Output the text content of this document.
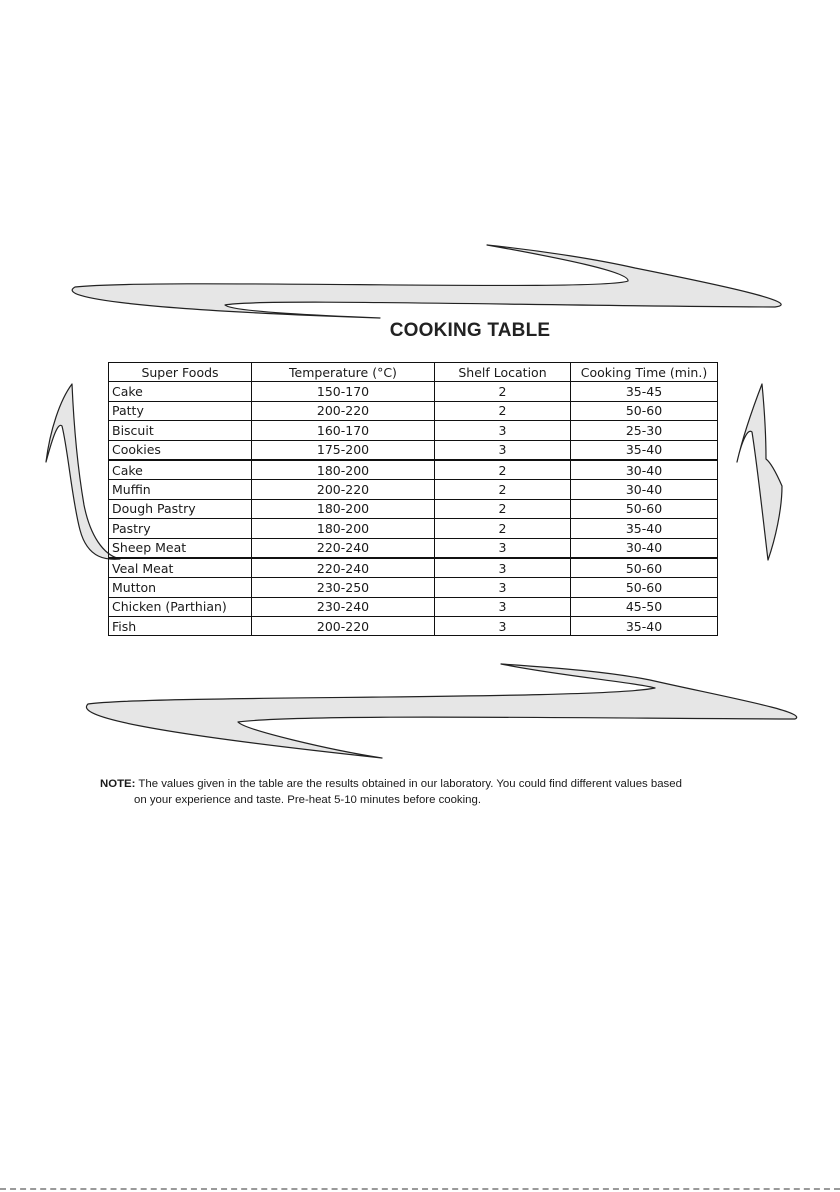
COOKING TABLE
Super Foods	Temperature (°C)	Shelf Location	Cooking Time (min.)
Cake	150-170	2	35-45
Patty	200-220	2	50-60
Biscuit	160-170	3	25-30
Cookies	175-200	3	35-40
Cake	180-200	2	30-40
Muffin	200-220	2	30-40
Dough Pastry	180-200	2	50-60
Pastry	180-200	2	35-40
Sheep Meat	220-240	3	30-40
Veal Meat	220-240	3	50-60
Mutton	230-250	3	50-60
Chicken (Parthian)	230-240	3	45-50
Fish	200-220	3	35-40
NOTE: The values given in the table are the results obtained in our laboratory. You could find different values based
on your experience and taste. Pre-heat 5-10 minutes before cooking.
